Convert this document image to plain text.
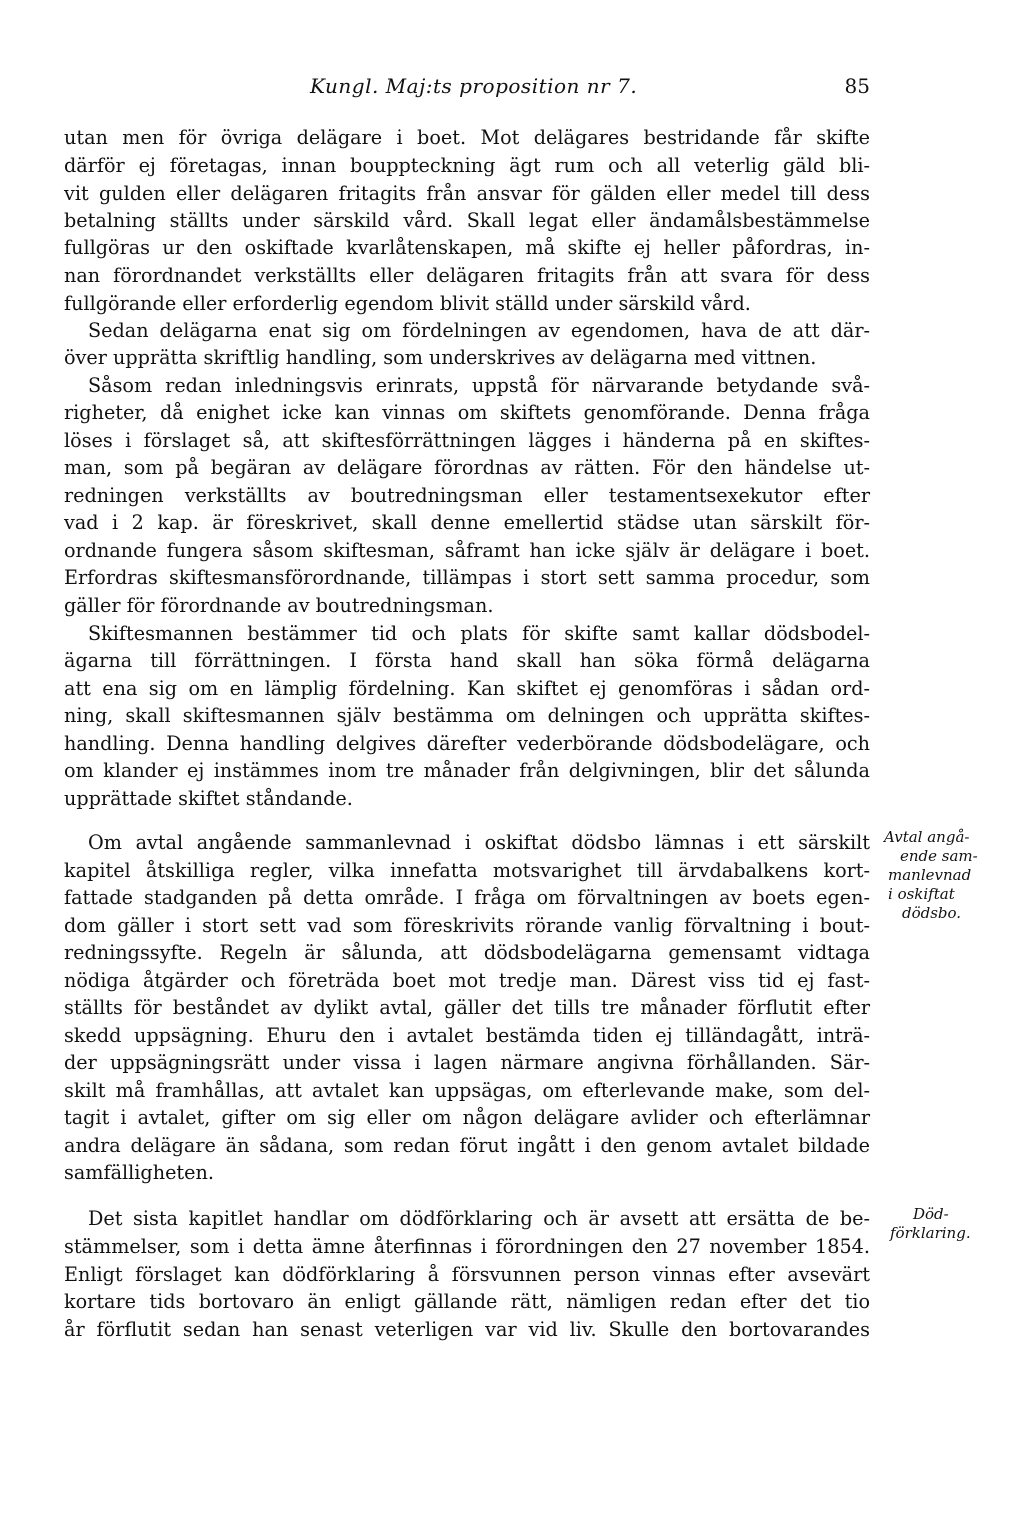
Kungl. Maj:ts proposition nr 7.	85
utan men för övriga delägare i boet. Mot delägares bestridande får skifte
därför ej företagas, innan bouppteckning ägt rum och all veterlig gäld bli-
vit gulden eller delägaren fritagits från ansvar för gälden eller medel till dess
betalning ställts under särskild vård. Skall legat eller ändamålsbestämmelse
fullgöras ur den oskiftade kvarlåtenskapen, må skifte ej heller påfordras, in-
nan förordnandet verkställts eller delägaren fritagits från att svara för dess
fullgörande eller erforderlig egendom blivit ställd under särskild vård.
Sedan delägarna enat sig om fördelningen av egendomen, hava de att där-
över upprätta skriftlig handling, som underskrives av delägarna med vittnen.
Såsom redan inledningsvis erinrats, uppstå för närvarande betydande svå-
righeter, då enighet icke kan vinnas om skiftets genomförande. Denna fråga
löses i förslaget så, att skiftesförrättningen lägges i händerna på en skiftes-
man, som på begäran av delägare förordnas av rätten. För den händelse ut-
redningen verkställts av boutredningsman eller testamentsexekutor efter
vad i 2 kap. är föreskrivet, skall denne emellertid städse utan särskilt för-
ordnande fungera såsom skiftesman, såframt han icke själv är delägare i boet.
Erfordras skiftesmansförordnande, tillämpas i stort sett samma procedur, som
gäller för förordnande av boutredningsman.
Skiftesmannen bestämmer tid och plats för skifte samt kallar dödsbodel-
ägarna till förrättningen. I första hand skall han söka förmå delägarna
att ena sig om en lämplig fördelning. Kan skiftet ej genomföras i sådan ord-
ning, skall skiftesmannen själv bestämma om delningen och upprätta skiftes-
handling. Denna handling delgives därefter vederbörande dödsbodelägare, och
om klander ej instämmes inom tre månader från delgivningen, blir det sålunda
upprättade skiftet ståndande.
Om avtal angående sammanlevnad i oskiftat dödsbo lämnas i ett särskilt
kapitel åtskilliga regler, vilka innefatta motsvarighet till ärvdabalkens kort-
fattade stadganden på detta område. I fråga om förvaltningen av boets egen-
dom gäller i stort sett vad som föreskrivits rörande vanlig förvaltning i bout-
redningssyfte. Regeln är sålunda, att dödsbodelägarna gemensamt vidtaga
nödiga åtgärder och företräda boet mot tredje man. Därest viss tid ej fast-
ställts för beståndet av dylikt avtal, gäller det tills tre månader förflutit efter
skedd uppsägning. Ehuru den i avtalet bestämda tiden ej tilländagått, inträ-
der uppsägningsrätt under vissa i lagen närmare angivna förhållanden. Sär-
skilt må framhållas, att avtalet kan uppsägas, om efterlevande make, som del-
tagit i avtalet, gifter om sig eller om någon delägare avlider och efterlämnar
andra delägare än sådana, som redan förut ingått i den genom avtalet bildade
samfälligheten.
Det sista kapitlet handlar om dödförklaring och är avsett att ersätta de be-
stämmelser, som i detta ämne återfinnas i förordningen den 27 november 1854.
Enligt förslaget kan dödförklaring å försvunnen person vinnas efter avsevärt
kortare tids bortovaro än enligt gällande rätt, nämligen redan efter det tio
år förflutit sedan han senast veterligen var vid liv. Skulle den bortovarandes
Avtal angå-
ende sam-
manlevnad
i oskiftat
dödsbo.
Död-
förklaring.
